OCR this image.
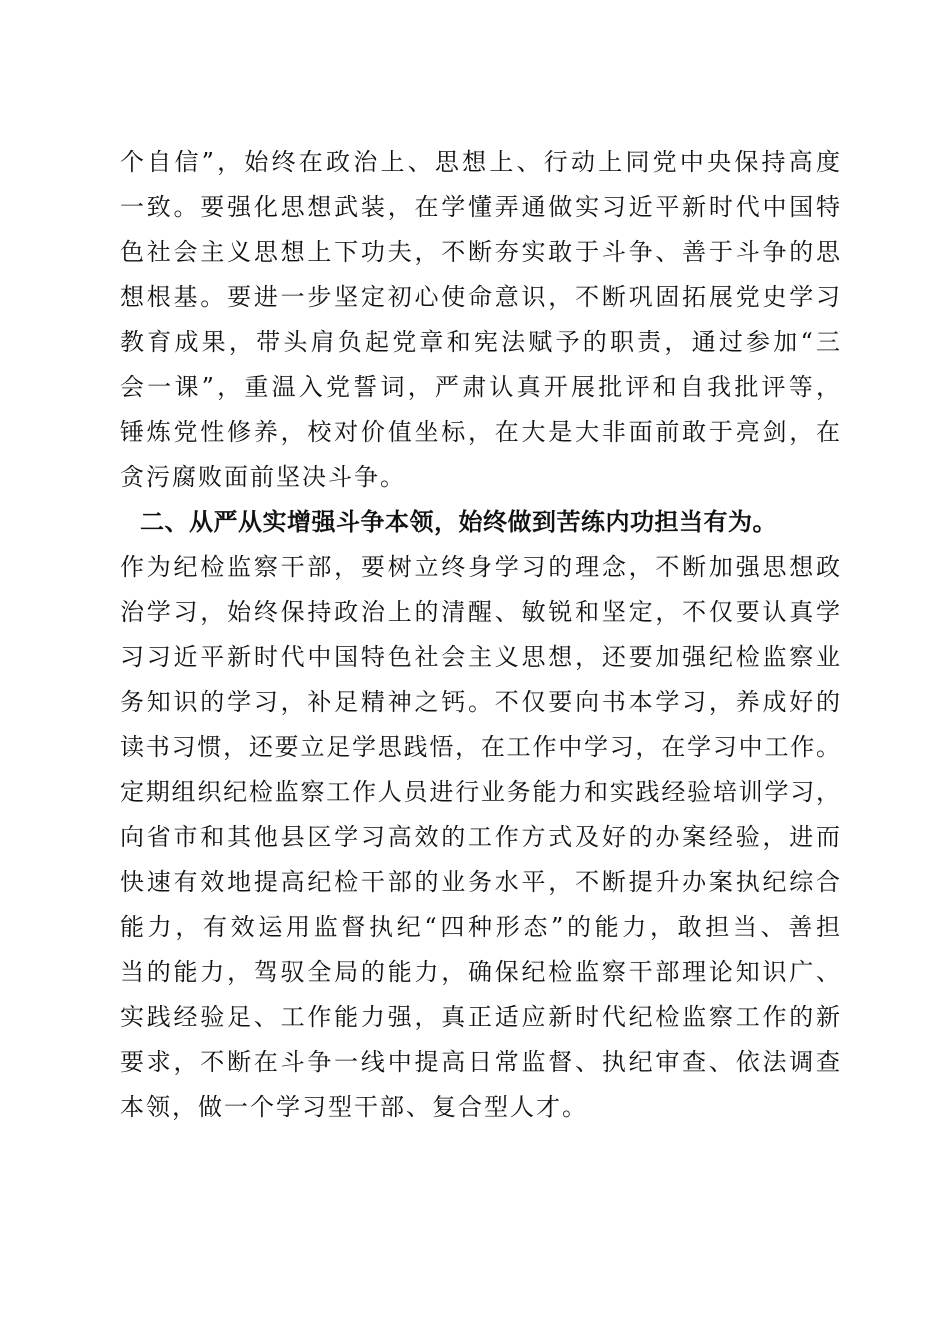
个自信”，始终在政治上、思想上、行动上同党中央保持高度
一致。要强化思想武装，在学懂弄通做实习近平新时代中国特
色社会主义思想上下功夫，不断夯实敢于斗争、善于斗争的思
想根基。要进一步坚定初心使命意识，不断巩固拓展党史学习
教育成果，带头肩负起党章和宪法赋予的职责，通过参加“三
会一课”，重温入党誓词，严肃认真开展批评和自我批评等，
锤炼党性修养，校对价值坐标，在大是大非面前敢于亮剑，在
贪污腐败面前坚决斗争。
二、从严从实增强斗争本领，始终做到苦练内功担当有为。
作为纪检监察干部，要树立终身学习的理念，不断加强思想政
治学习，始终保持政治上的清醒、敏锐和坚定，不仅要认真学
习习近平新时代中国特色社会主义思想，还要加强纪检监察业
务知识的学习，补足精神之钙。不仅要向书本学习，养成好的
读书习惯，还要立足学思践悟，在工作中学习，在学习中工作。
定期组织纪检监察工作人员进行业务能力和实践经验培训学习，
向省市和其他县区学习高效的工作方式及好的办案经验，进而
快速有效地提高纪检干部的业务水平，不断提升办案执纪综合
能力，有效运用监督执纪“四种形态”的能力，敢担当、善担
当的能力，驾驭全局的能力，确保纪检监察干部理论知识广、
实践经验足、工作能力强，真正适应新时代纪检监察工作的新
要求，不断在斗争一线中提高日常监督、执纪审查、依法调查
本领，做一个学习型干部、复合型人才。
